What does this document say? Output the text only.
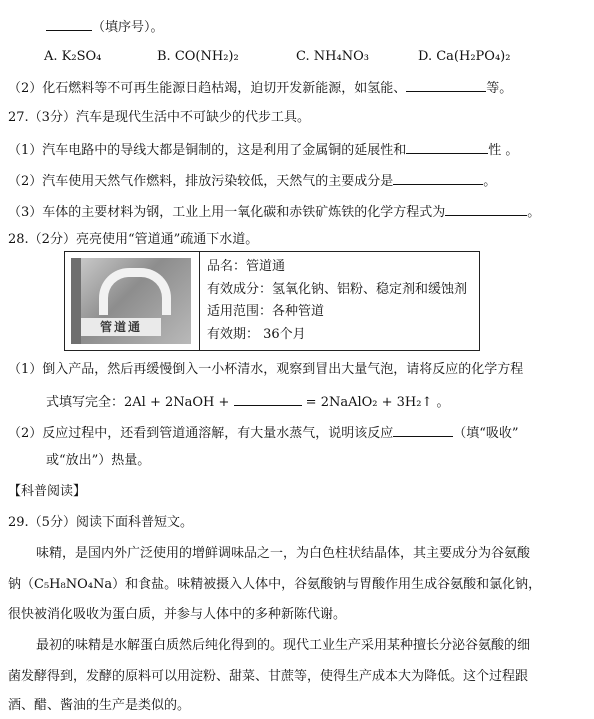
（填序号）。
A. K₂SO₄	B. CO(NH₂)₂	C. NH₄NO₃	D. Ca(H₂PO₄)₂
（2）化石燃料等不可再生能源日趋枯竭，迫切开发新能源，如氢能、	等。
27.（3分）汽车是现代生活中不可缺少的代步工具。
（1）汽车电路中的导线大都是铜制的，这是利用了金属铜的延展性和	性 。
（2）汽车使用天然气作燃料，排放污染较低，天然气的主要成分是	。
（3）车体的主要材料为钢，工业上用一氧化碳和赤铁矿炼铁的化学方程式为	。
28.（2分）亮亮使用“管道通”疏通下水道。
管道通
品名：管道通
有效成分：氢氧化钠、铝粉、稳定剂和缓蚀剂
适用范围：各种管道
有效期： 36个月
（1）倒入产品，然后再缓慢倒入一小杯清水，观察到冒出大量气泡，请将反应的化学方程
式填写完全：2Al + 2NaOH +	= 2NaAlO₂ + 3H₂↑ 。
（2）反应过程中，还看到管道通溶解，有大量水蒸气，说明该反应	（填“吸收”
或“放出”）热量。
【科普阅读】
29.（5分）阅读下面科普短文。
味精，是国内外广泛使用的增鲜调味品之一，为白色柱状结晶体，其主要成分为谷氨酸
钠（C₅H₈NO₄Na）和食盐。味精被摄入人体中，谷氨酸钠与胃酸作用生成谷氨酸和氯化钠，
很快被消化吸收为蛋白质，并参与人体中的多种新陈代谢。
最初的味精是水解蛋白质然后纯化得到的。现代工业生产采用某种擅长分泌谷氨酸的细
菌发酵得到，发酵的原料可以用淀粉、甜菜、甘蔗等，使得生产成本大为降低。这个过程跟
酒、醋、酱油的生产是类似的。
